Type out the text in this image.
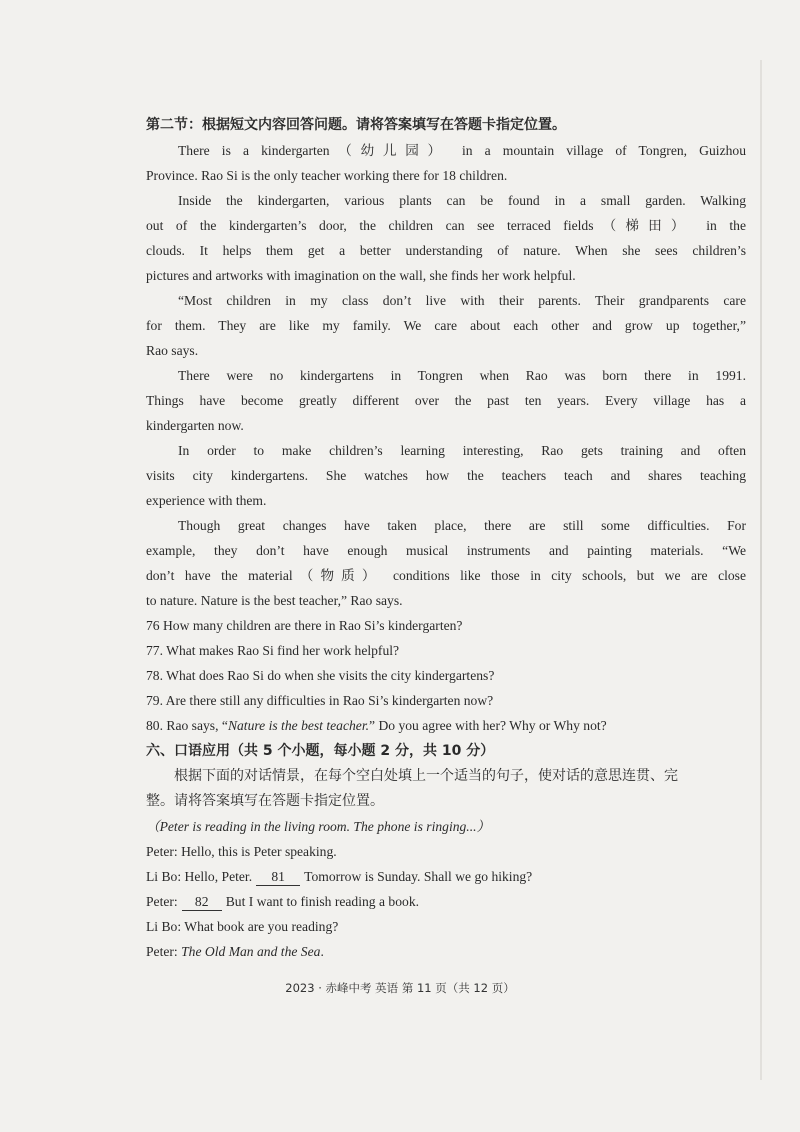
第二节：根据短文内容回答问题。请将答案填写在答题卡指定位置。

There is a kindergarten（幼儿园） in a mountain village of Tongren, Guizhou

Province. Rao Si is the only teacher working there for 18 children.

Inside the kindergarten, various plants can be found in a small garden. Walking

out of the kindergarten’s door, the children can see terraced fields（梯田） in the

clouds. It helps them get a better understanding of nature. When she sees children’s

pictures and artworks with imagination on the wall, she finds her work helpful.

“Most children in my class don’t live with their parents. Their grandparents care

for them. They are like my family. We care about each other and grow up together,”

Rao says.

There were no kindergartens in Tongren when Rao was born there in 1991.

Things have become greatly different over the past ten years. Every village has a

kindergarten now.

In order to make children’s learning interesting, Rao gets training and often

visits city kindergartens. She watches how the teachers teach and shares teaching

experience with them.

Though great changes have taken place, there are still some difficulties. For

example, they don’t have enough musical instruments and painting materials. “We

don’t have the material（物质） conditions like those in city schools, but we are close

to nature. Nature is the best teacher,” Rao says.

76 How many children are there in Rao Si’s kindergarten?

77. What makes Rao Si find her work helpful?

78. What does Rao Si do when she visits the city kindergartens?

79. Are there still any difficulties in Rao Si’s kindergarten now?

80. Rao says, “Nature is the best teacher.” Do you agree with her? Why or Why not?

六、口语应用（共 5 个小题，每小题 2 分，共 10 分）
根据下面的对话情景，在每个空白处填上一个适当的句子，使对话的意思连贯、完
整。请将答案填写在答题卡指定位置。

（Peter is reading in the living room. The phone is ringing...）

Peter: Hello, this is Peter speaking.

Li Bo: Hello, Peter. 81 Tomorrow is Sunday. Shall we go hiking?

Peter: 82 But I want to finish reading a book.

Li Bo: What book are you reading?

Peter: The Old Man and the Sea.

2023 · 赤峰中考 英语 第 11 页（共 12 页）
